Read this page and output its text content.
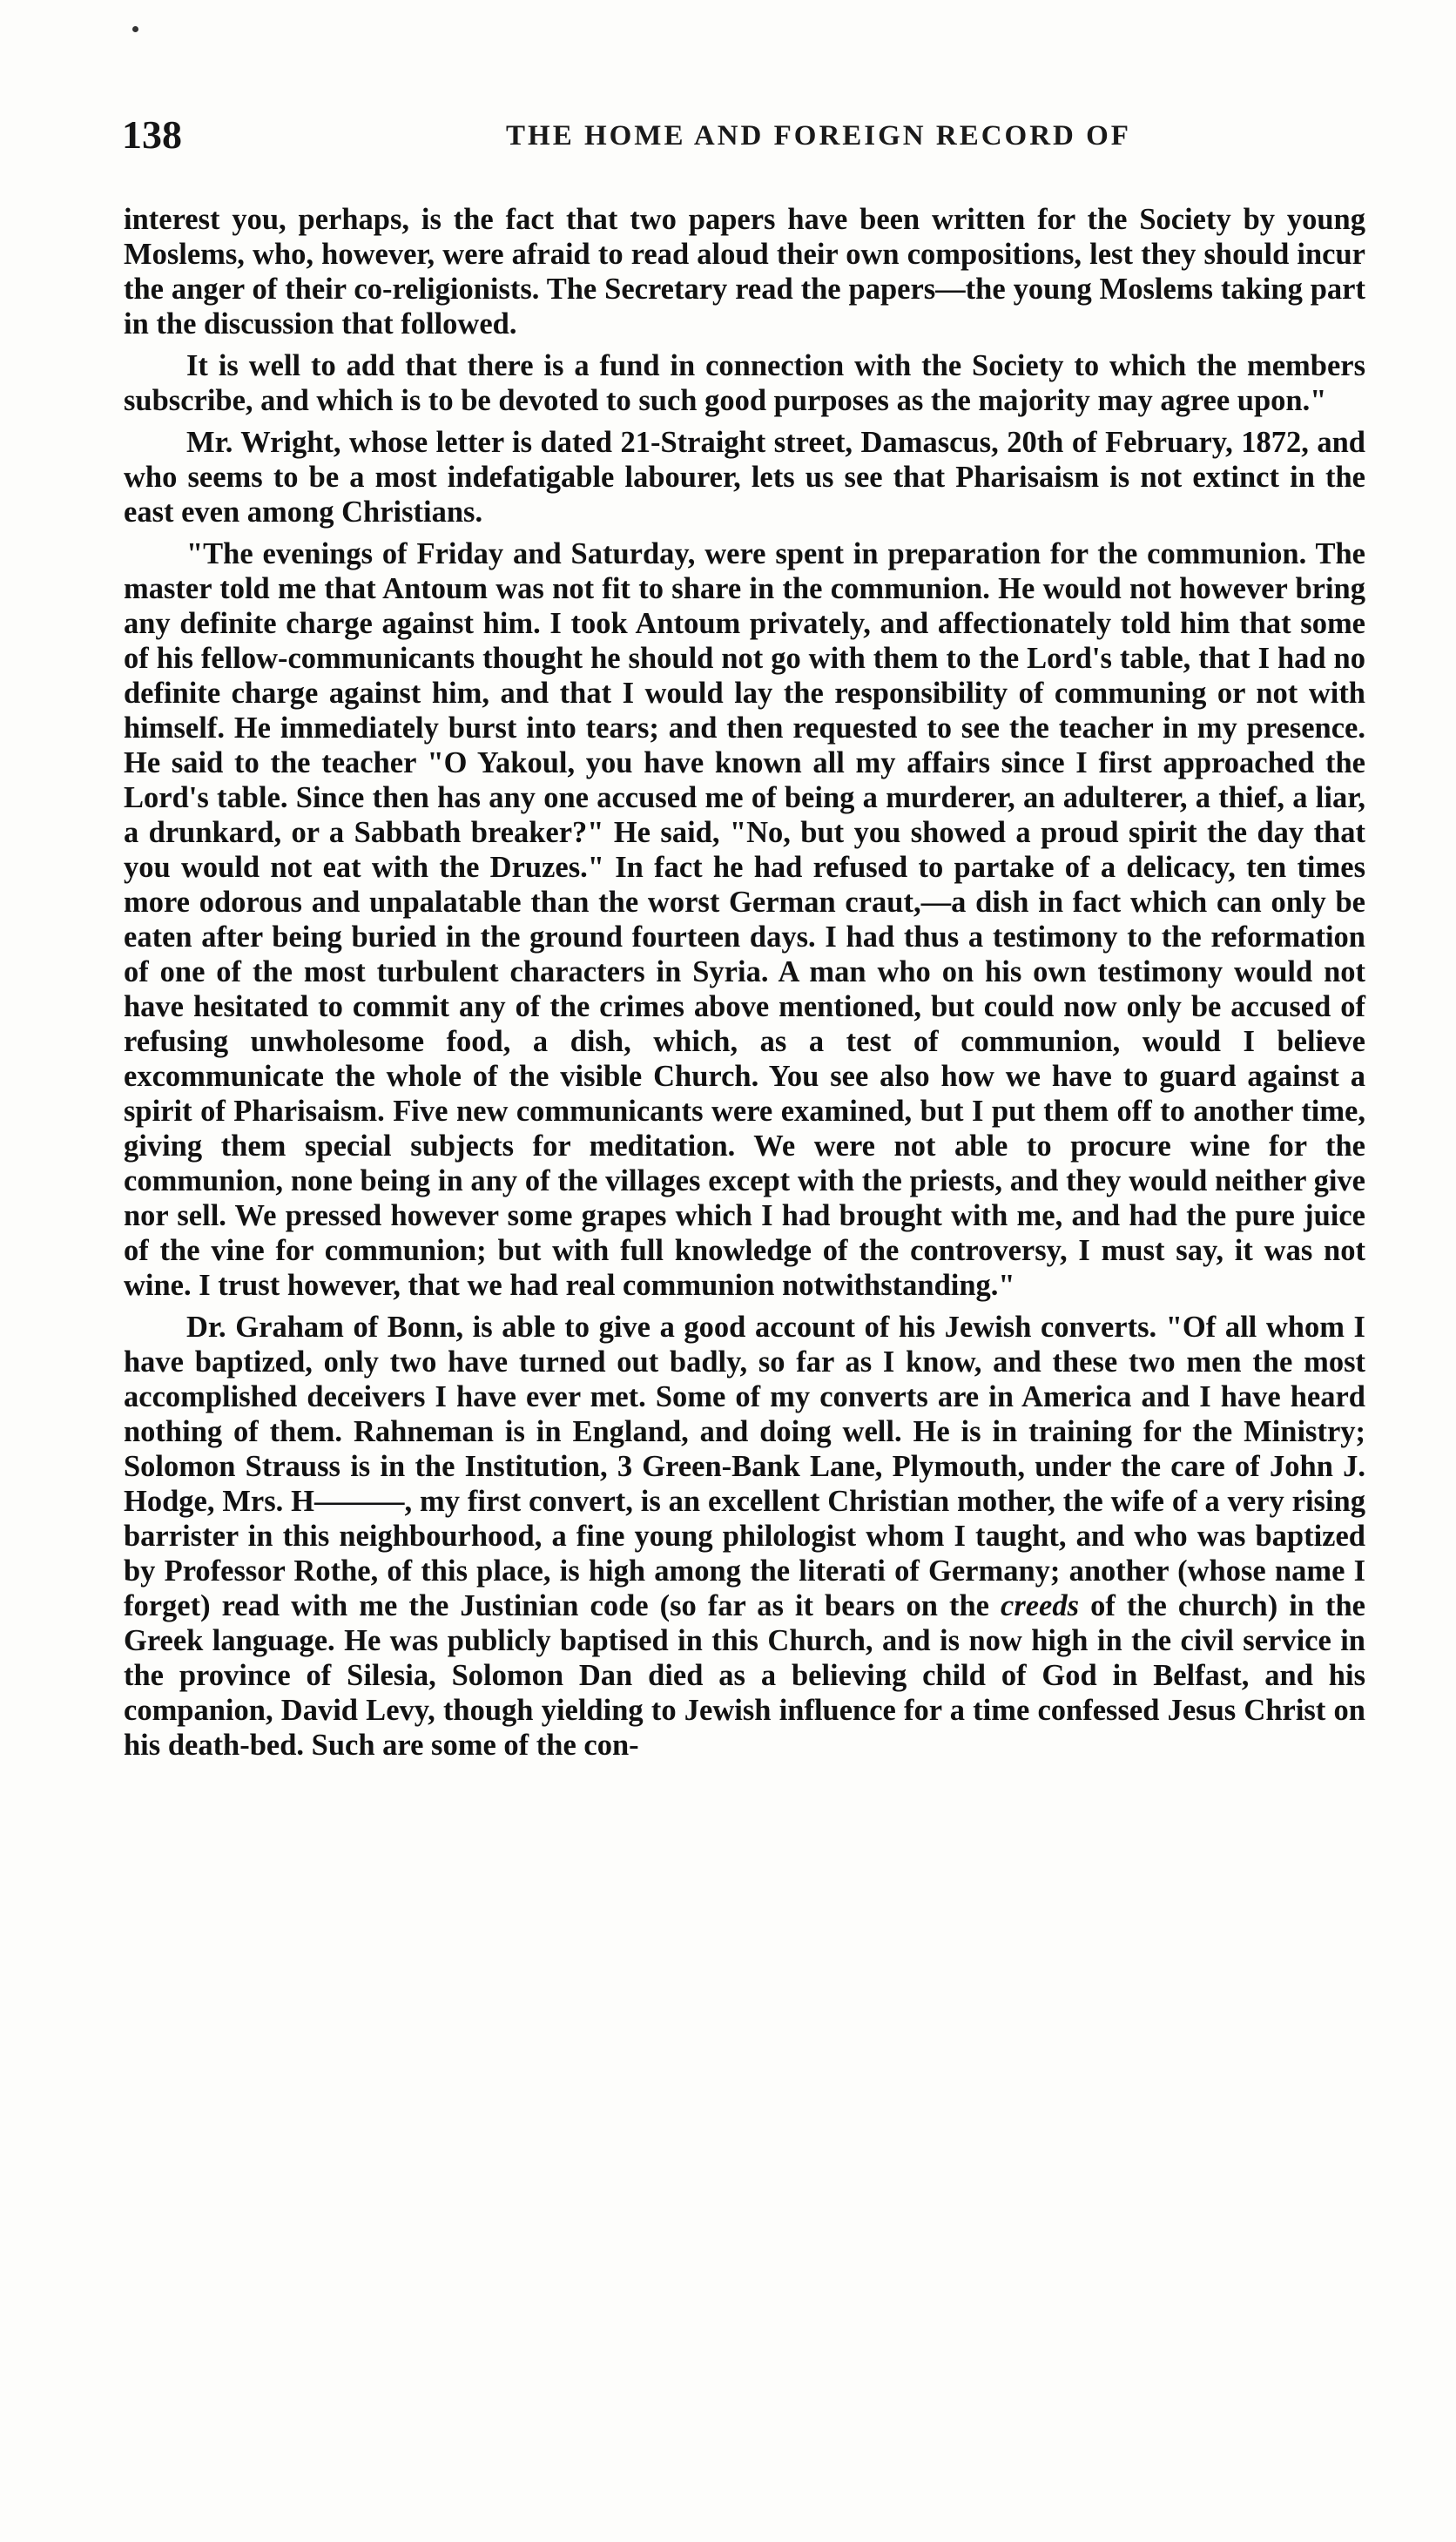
138	THE HOME AND FOREIGN RECORD OF

interest you, perhaps, is the fact that two papers have been written for the Society by young Moslems, who, however, were afraid to read aloud their own compositions, lest they should incur the anger of their co-religionists. The Secretary read the papers—the young Moslems taking part in the discussion that followed.

It is well to add that there is a fund in connection with the Society to which the members subscribe, and which is to be devoted to such good purposes as the majority may agree upon."

Mr. Wright, whose letter is dated 21-Straight street, Damascus, 20th of February, 1872, and who seems to be a most indefatigable labourer, lets us see that Pharisaism is not extinct in the east even among Christians.

"The evenings of Friday and Saturday, were spent in preparation for the communion. The master told me that Antoum was not fit to share in the communion. He would not however bring any definite charge against him. I took Antoum privately, and affectionately told him that some of his fellow-communicants thought he should not go with them to the Lord's table, that I had no definite charge against him, and that I would lay the responsibility of communing or not with himself. He immediately burst into tears; and then requested to see the teacher in my presence. He said to the teacher "O Yakoul, you have known all my affairs since I first approached the Lord's table. Since then has any one accused me of being a murderer, an adulterer, a thief, a liar, a drunkard, or a Sabbath breaker?" He said, "No, but you showed a proud spirit the day that you would not eat with the Druzes." In fact he had refused to partake of a delicacy, ten times more odorous and unpalatable than the worst German craut,—a dish in fact which can only be eaten after being buried in the ground fourteen days. I had thus a testimony to the reformation of one of the most turbulent characters in Syria. A man who on his own testimony would not have hesitated to commit any of the crimes above mentioned, but could now only be accused of refusing unwholesome food, a dish, which, as a test of communion, would I believe excommunicate the whole of the visible Church. You see also how we have to guard against a spirit of Pharisaism. Five new communicants were examined, but I put them off to another time, giving them special subjects for meditation. We were not able to procure wine for the communion, none being in any of the villages except with the priests, and they would neither give nor sell. We pressed however some grapes which I had brought with me, and had the pure juice of the vine for communion; but with full knowledge of the controversy, I must say, it was not wine. I trust however, that we had real communion notwithstanding."

Dr. Graham of Bonn, is able to give a good account of his Jewish converts. "Of all whom I have baptized, only two have turned out badly, so far as I know, and these two men the most accomplished deceivers I have ever met. Some of my converts are in America and I have heard nothing of them. Rahneman is in England, and doing well. He is in training for the Ministry; Solomon Strauss is in the Institution, 3 Green-Bank Lane, Plymouth, under the care of John J. Hodge, Mrs. H———, my first convert, is an excellent Christian mother, the wife of a very rising barrister in this neighbourhood, a fine young philologist whom I taught, and who was baptized by Professor Rothe, of this place, is high among the literati of Germany; another (whose name I forget) read with me the Justinian code (so far as it bears on the creeds of the church) in the Greek language. He was publicly baptised in this Church, and is now high in the civil service in the province of Silesia, Solomon Dan died as a believing child of God in Belfast, and his companion, David Levy, though yielding to Jewish influence for a time confessed Jesus Christ on his death-bed. Such are some of the con-
